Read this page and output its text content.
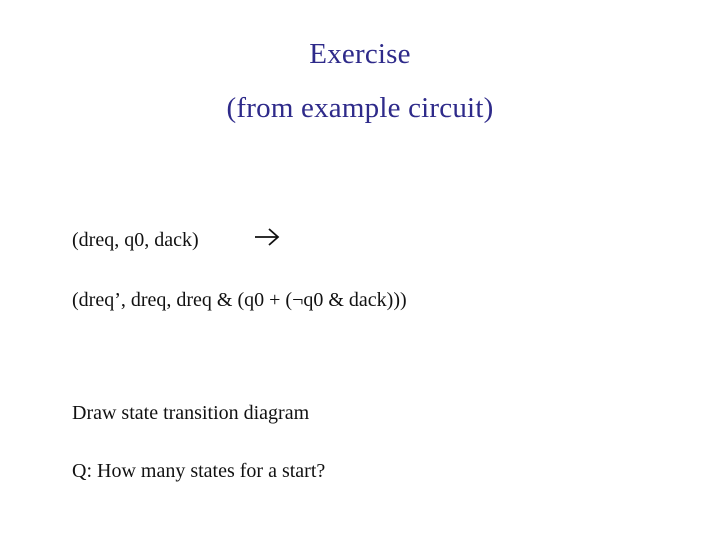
Exercise
(from example circuit)
(dreq, q0, dack)
(dreq’, dreq, dreq & (q0 + (¬q0 & dack)))
Draw state transition diagram
Q: How many states for a start?
